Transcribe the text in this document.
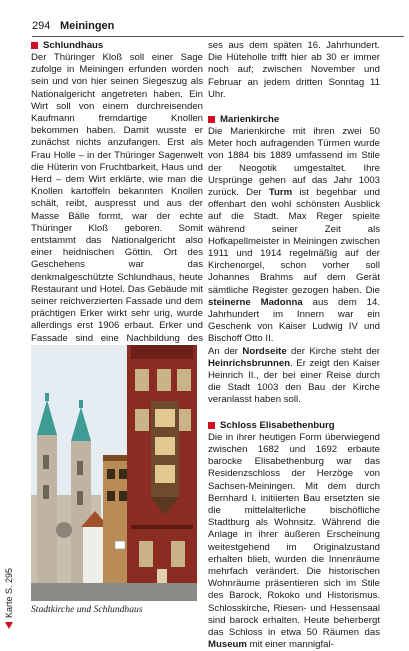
294 Meiningen
Schlundhaus

Der Thüringer Kloß soll einer Sage zufolge in Meiningen erfunden worden sein und von hier seinen Siegeszug als Nationalgericht angetreten haben. Ein Wirt soll von einem durchreisenden Kaufmann fremdartige Knollen bekommen haben. Damit wusste er zunächst nichts anzufangen. Erst als Frau Holle – in der Thüringer Sagenwelt die Hüterin von Fruchtbarkeit, Haus und Herd – dem Wirt erklärte, wie man die Knollen kartoffeln bekannten Knollen schält, reibt, auspresst und aus der Masse Bälle formt, war der echte Thüringer Kloß geboren. Somit entstammt das Nationalgericht also einer heidnischen Göttin. Ort des Geschehens war das denkmalgeschützte Schlundhaus, heute Restaurant und Hotel. Das Gebäude mit seiner reichverzierten Fassade und dem prächtigen Erker wirkt sehr urig, wurde allerdings erst 1906 erbaut. Erker und Fassade sind eine Nachbildung des

Stadtkirche und Schlundhaus
Karte S. 295

ses aus dem späten 16. Jahrhundert. Die Hüteholle trifft hier ab 30 er immer noch auf; zwischen November und Februar an jedem dritten Sonntag 11 Uhr.

Marienkirche

Die Marienkirche mit ihren zwei 50 Meter hoch aufragenden Türmen wurde von 1884 bis 1889 umfassend im Stile der Neogotik umgestaltet. Ihre Ursprünge gehen auf das Jahr 1003 zurück. Der Turm ist begehbar und offenbart den wohl schönsten Ausblick auf die Stadt. Max Reger spielte während seiner Zeit als Hofkapellmeister in Meiningen zwischen 1911 und 1914 regelmäßig auf der Kirchenorgel, schon vorher soll Johannes Brahms auf dem Gerät sämtliche Register gezogen haben. Die steinerne Madonna aus dem 14. Jahrhundert im Innern war ein Geschenk von Kaiser Ludwig IV und Bischoff Otto II.

An der Nordseite der Kirche steht der Heinrichsbrunnen. Er zeigt den Kaiser Heinrich II., der bei einer Reise durch die Stadt 1003 den Bau der Kirche veranlasst haben soll.

Schloss Elisabethenburg

Die in ihrer heutigen Form überwiegend zwischen 1682 und 1692 erbaute barocke Elisabethenburg war das Residenzschloss der Herzöge von Sachsen-Meiningen. Mit dem durch Bernhard I. initiierten Bau ersetzten sie die mittelalterliche bischöfliche Stadtburg als Wohnsitz. Während die Anlage in ihrer äußeren Erscheinung weitestgehend im Originalzustand erhalten blieb, wurden die Innenräume mehrfach verändert. Die historischen Wohnräume präsentieren sich im Stile des Barock, Rokoko und Historismus. Schlosskirche, Riesen- und Hessensaal sind barock erhalten. Heute beherbergt das Schloss in etwa 50 Räumen das Museum mit einer mannigfal-
